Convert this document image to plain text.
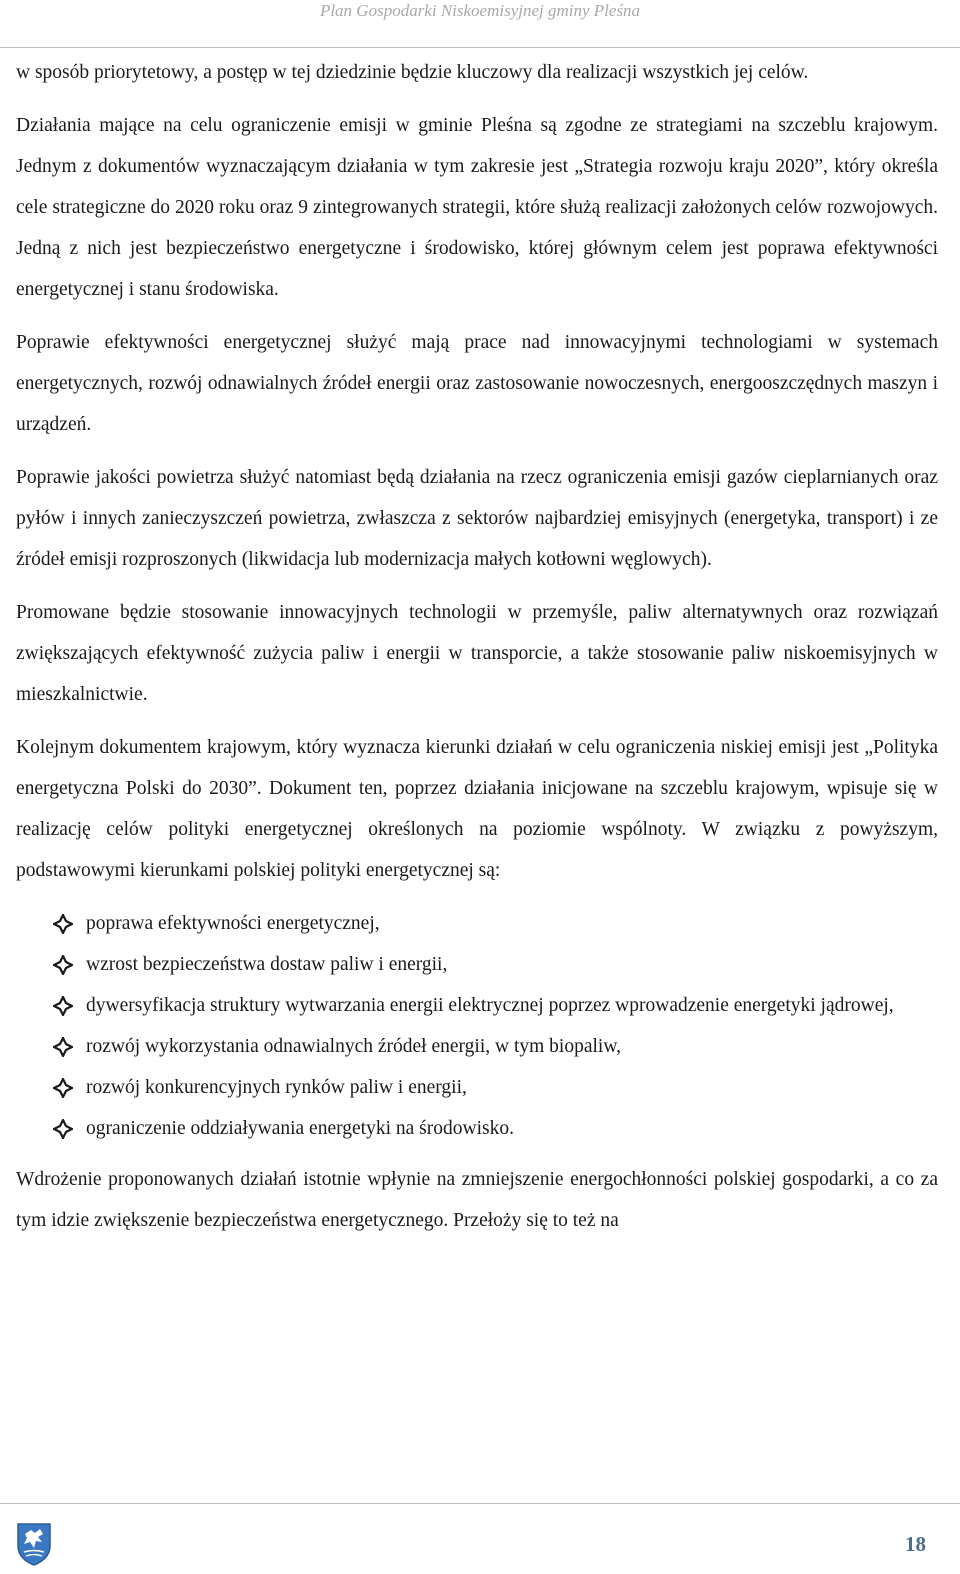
Plan Gospodarki Niskoemisyjnej gminy Pleśna

w sposób priorytetowy, a postęp w tej dziedzinie będzie kluczowy dla realizacji wszystkich jej celów.

Działania mające na celu ograniczenie emisji w gminie Pleśna są zgodne ze strategiami na szczeblu krajowym. Jednym z dokumentów wyznaczającym działania w tym zakresie jest „Strategia rozwoju kraju 2020”, który określa cele strategiczne do 2020 roku oraz 9 zintegrowanych strategii, które służą realizacji założonych celów rozwojowych. Jedną z nich jest bezpieczeństwo energetyczne i środowisko, której głównym celem jest poprawa efektywności energetycznej i stanu środowiska.

Poprawie efektywności energetycznej służyć mają prace nad innowacyjnymi technologiami w systemach energetycznych, rozwój odnawialnych źródeł energii oraz zastosowanie nowoczesnych, energooszczędnych maszyn i urządzeń.

Poprawie jakości powietrza służyć natomiast będą działania na rzecz ograniczenia emisji gazów cieplarnianych oraz pyłów i innych zanieczyszczeń powietrza, zwłaszcza z sektorów najbardziej emisyjnych (energetyka, transport) i ze źródeł emisji rozproszonych (likwidacja lub modernizacja małych kotłowni węglowych).

Promowane będzie stosowanie innowacyjnych technologii w przemyśle, paliw alternatywnych oraz rozwiązań zwiększających efektywność zużycia paliw i energii w transporcie, a także stosowanie paliw niskoemisyjnych w mieszkalnictwie.

Kolejnym dokumentem krajowym, który wyznacza kierunki działań w celu ograniczenia niskiej emisji jest „Polityka energetyczna Polski do 2030”. Dokument ten, poprzez działania inicjowane na szczeblu krajowym, wpisuje się w realizację celów polityki energetycznej określonych na poziomie wspólnoty. W związku z powyższym, podstawowymi kierunkami polskiej polityki energetycznej są:

poprawa efektywności energetycznej,
wzrost bezpieczeństwa dostaw paliw i energii,
dywersyfikacja struktury wytwarzania energii elektrycznej poprzez wprowadzenie energetyki jądrowej,
rozwój wykorzystania odnawialnych źródeł energii, w tym biopaliw,
rozwój konkurencyjnych rynków paliw i energii,
ograniczenie oddziaływania energetyki na środowisko.

Wdrożenie proponowanych działań istotnie wpłynie na zmniejszenie energochłonności polskiej gospodarki, a co za tym idzie zwiększenie bezpieczeństwa energetycznego. Przełoży się to też na

18
